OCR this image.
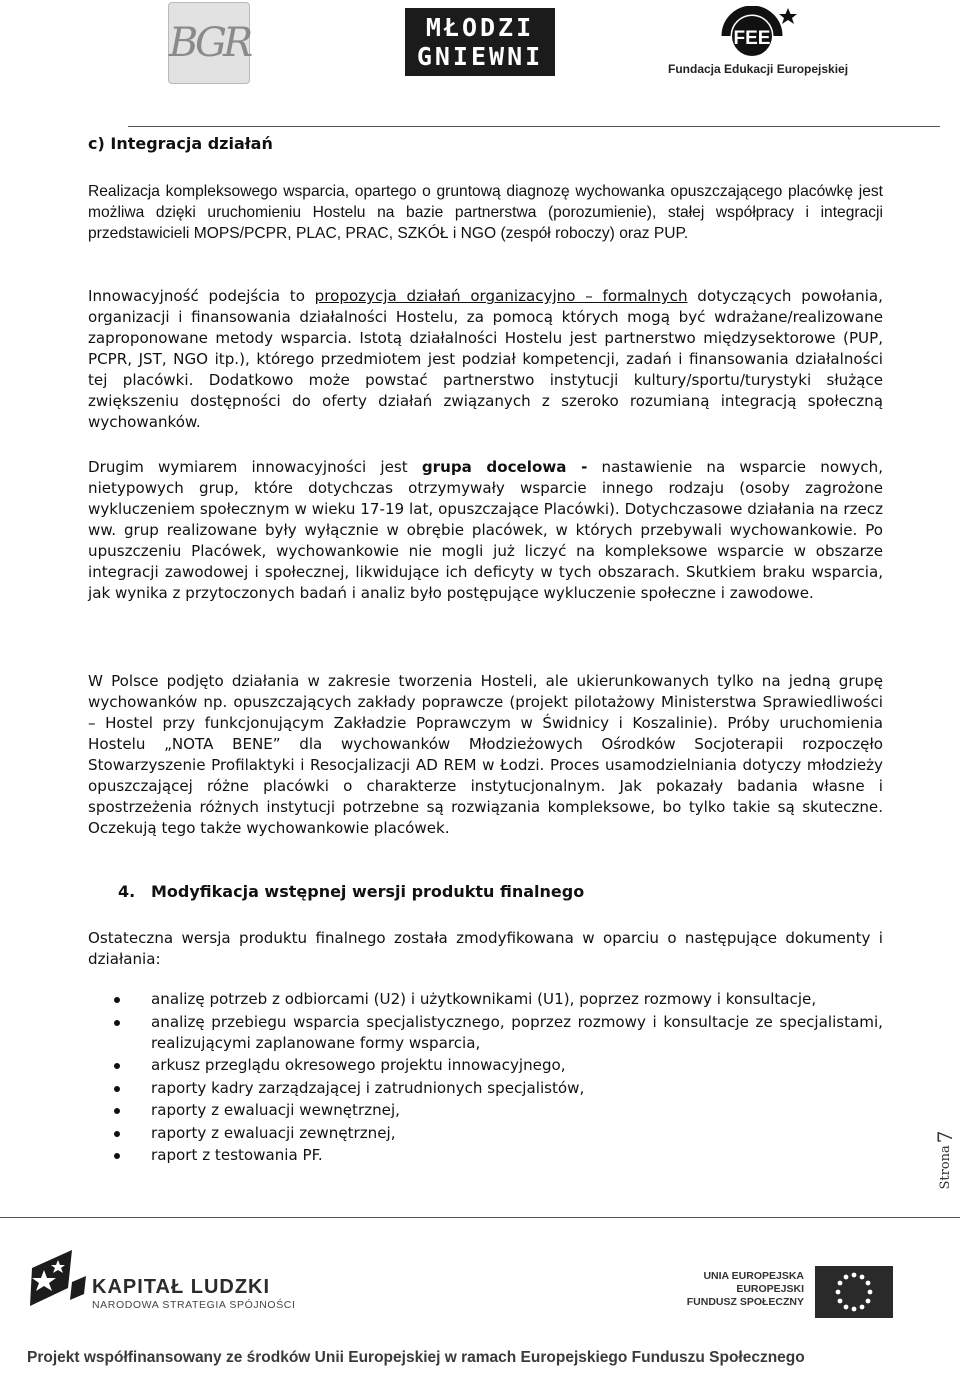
BGR	MŁODZI
GNIEWNI
FEE
Fundacja Edukacji Europejskiej
c) Integracja działań
Realizacja kompleksowego wsparcia, opartego o gruntową diagnozę wychowanka opuszczającego placówkę jest możliwa dzięki uruchomieniu Hostelu na bazie partnerstwa (porozumienie), stałej współpracy i integracji przedstawicieli MOPS/PCPR, PLAC, PRAC, SZKÓŁ i NGO (zespół roboczy) oraz PUP.
Innowacyjność podejścia to propozycja działań organizacyjno – formalnych dotyczących powołania, organizacji i finansowania działalności Hostelu, za pomocą których mogą być wdrażane/realizowane zaproponowane metody wsparcia. Istotą działalności Hostelu jest partnerstwo międzysektorowe (PUP, PCPR, JST, NGO itp.), którego przedmiotem jest podział kompetencji, zadań i finansowania działalności tej placówki. Dodatkowo może powstać partnerstwo instytucji kultury/sportu/turystyki służące zwiększeniu dostępności do oferty działań związanych z szeroko rozumianą integracją społeczną wychowanków.
Drugim wymiarem innowacyjności jest grupa docelowa - nastawienie na wsparcie nowych, nietypowych grup, które dotychczas otrzymywały wsparcie innego rodzaju (osoby zagrożone wykluczeniem społecznym w wieku 17-19 lat, opuszczające Placówki). Dotychczasowe działania na rzecz ww. grup realizowane były wyłącznie w obrębie placówek, w których przebywali wychowankowie. Po upuszczeniu Placówek, wychowankowie nie mogli już liczyć na kompleksowe wsparcie w obszarze integracji zawodowej i społecznej, likwidujące ich deficyty w tych obszarach. Skutkiem braku wsparcia, jak wynika z przytoczonych badań i analiz było postępujące wykluczenie społeczne i zawodowe.
W Polsce podjęto działania w zakresie tworzenia Hosteli, ale ukierunkowanych tylko na jedną grupę wychowanków np. opuszczających zakłady poprawcze (projekt pilotażowy Ministerstwa Sprawiedliwości – Hostel przy funkcjonującym Zakładzie Poprawczym w Świdnicy i Koszalinie). Próby uruchomienia Hostelu „NOTA BENE” dla wychowanków Młodzieżowych Ośrodków Socjoterapii rozpoczęło Stowarzyszenie Profilaktyki i Resocjalizacji AD REM w Łodzi. Proces usamodzielniania dotyczy młodzieży opuszczającej różne placówki o charakterze instytucjonalnym. Jak pokazały badania własne i spostrzeżenia różnych instytucji potrzebne są rozwiązania kompleksowe, bo tylko takie są skuteczne. Oczekują tego także wychowankowie placówek.
4. Modyfikacja wstępnej wersji produktu finalnego
Ostateczna wersja produktu finalnego została zmodyfikowana w oparciu o następujące dokumenty i działania:
analizę potrzeb z odbiorcami (U2) i użytkownikami (U1), poprzez rozmowy i konsultacje,
analizę przebiegu wsparcia specjalistycznego, poprzez rozmowy i konsultacje ze specjalistami, realizującymi zaplanowane formy wsparcia,
arkusz przeglądu okresowego projektu innowacyjnego,
raporty kadry zarządzającej i zatrudnionych specjalistów,
raporty z ewaluacji wewnętrznej,
raporty z ewaluacji zewnętrznej,
raport z testowania PF.	Strona
7
KAPITAŁ LUDZKI
NARODOWA STRATEGIA SPÓJNOŚCI
UNIA EUROPEJSKA
EUROPEJSKI
FUNDUSZ SPOŁECZNY
Projekt współfinansowany ze środków Unii Europejskiej w ramach Europejskiego Funduszu Społecznego
